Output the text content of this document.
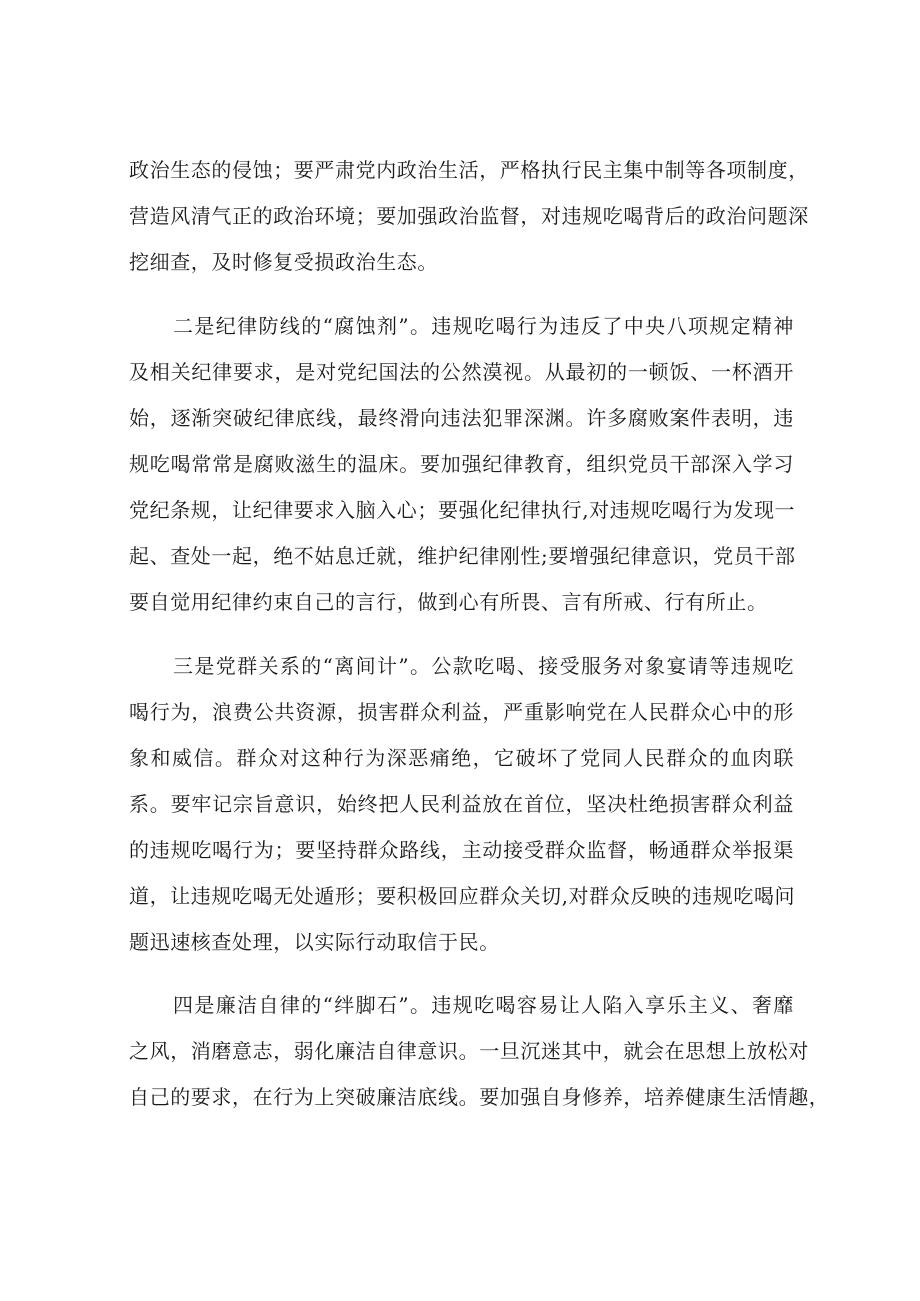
政治生态的侵蚀；要严肃党内政治生活，严格执行民主集中制等各项制度，
营造风清气正的政治环境；要加强政治监督，对违规吃喝背后的政治问题深
挖细查，及时修复受损政治生态。
二是纪律防线的“腐蚀剂”。违规吃喝行为违反了中央八项规定精神
及相关纪律要求，是对党纪国法的公然漠视。从最初的一顿饭、一杯酒开
始，逐渐突破纪律底线，最终滑向违法犯罪深渊。许多腐败案件表明，违
规吃喝常常是腐败滋生的温床。要加强纪律教育，组织党员干部深入学习
党纪条规，让纪律要求入脑入心；要强化纪律执行,对违规吃喝行为发现一
起、查处一起，绝不姑息迁就，维护纪律刚性;要增强纪律意识，党员干部
要自觉用纪律约束自己的言行，做到心有所畏、言有所戒、行有所止。
三是党群关系的“离间计”。公款吃喝、接受服务对象宴请等违规吃
喝行为，浪费公共资源，损害群众利益，严重影响党在人民群众心中的形
象和威信。群众对这种行为深恶痛绝，它破坏了党同人民群众的血肉联
系。要牢记宗旨意识，始终把人民利益放在首位，坚决杜绝损害群众利益
的违规吃喝行为；要坚持群众路线，主动接受群众监督，畅通群众举报渠
道，让违规吃喝无处遁形；要积极回应群众关切,对群众反映的违规吃喝问
题迅速核查处理，以实际行动取信于民。
四是廉洁自律的“绊脚石”。违规吃喝容易让人陷入享乐主义、奢靡
之风，消磨意志，弱化廉洁自律意识。一旦沉迷其中，就会在思想上放松对
自己的要求，在行为上突破廉洁底线。要加强自身修养，培养健康生活情趣，
